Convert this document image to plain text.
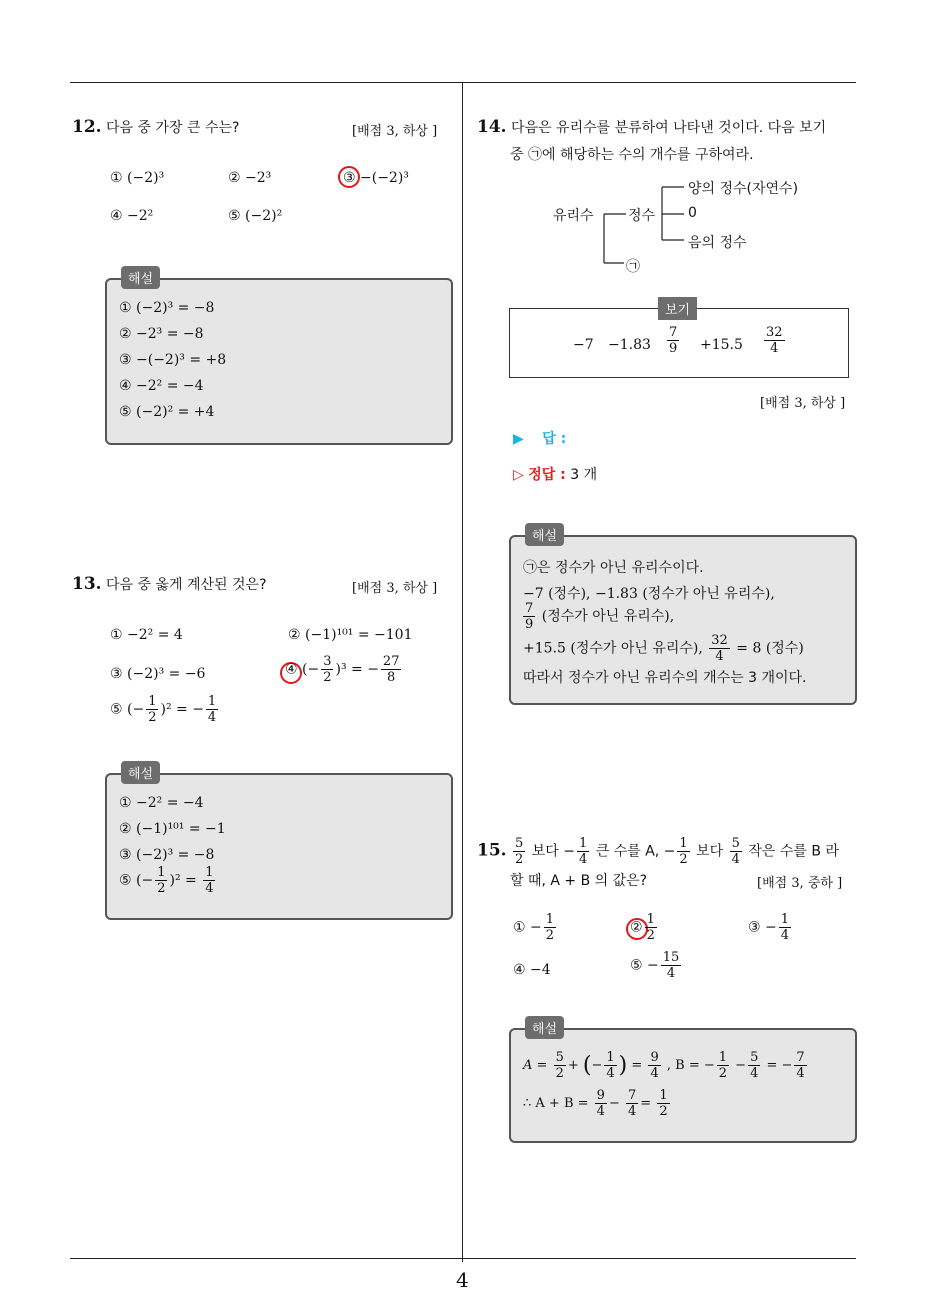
4
12. 다음 중 가장 큰 수는?	[배점 3, 하상 ]
① (−2)³	② −2³	③ −(−2)³
④ −2²	⑤ (−2)²
해설
① (−2)³ = −8
② −2³ = −8
③ −(−2)³ = +8
④ −2² = −4
⑤ (−2)² = +4
13. 다음 중 옳게 계산된 것은?	[배점 3, 하상 ]
① −2² = 4	② (−1)¹⁰¹ = −101
③ (−2)³ = −6	④ (− $\frac{3}{2} )^3$ = − $\frac{27}{8}$
⑤ (− $\frac{1}{2} )^2$ = − $\frac{1}{4}$
해설
① −2² = −4
② (−1)¹⁰¹ = −1
③ (−2)³ = −8
⑤ (− $\frac{1}{2} )^2 = \frac{1}{4}$
14. 다음은 유리수를 분류하여 나타낸 것이다. 다음 보기
중 ㉠에 해당하는 수의 개수를 구하여라.
유리수 정수
양의 정수(자연수)
0
음의 정수
㉠
보기
$-7 -1.83 \frac{7}{9} +15.5 \frac{32}{4}$
[배점 3, 하상 ]
▶ 답 :
▷ 정답 : 3 개
해설
㉠은 정수가 아닌 유리수이다.
−7 (정수), −1.83 (정수가 아닌 유리수),
$\frac{7}{9}$ (정수가 아닌 유리수),
+15.5 (정수가 아닌 유리수), $\frac{32}{4} = 8$ (정수)
따라서 정수가 아닌 유리수의 개수는 3 개이다.
15. $\frac{5}{2}$ 보다 − $\frac{1}{4}$ 큰 수를 A, − $\frac{1}{2}$ 보다 $\frac{5}{4}$ 작은 수를 B 라
할 때, A + B 의 값은?	[배점 3, 중하 ]
① − $\frac{1}{2}$	② $\frac{1}{2}$	③ − $\frac{1}{4}$
④ −4	⑤ − $\frac{15}{4}$
해설
$A = \frac{5}{2}$ + (− $\frac{1}{4}$ ) = $\frac{9}{4}$ , B = − $\frac{1}{2} - \frac{5}{4}$ = − $\frac{7}{4}$
∴ $A + B = \frac{9}{4} - \frac{7}{4} = \frac{1}{2}$
